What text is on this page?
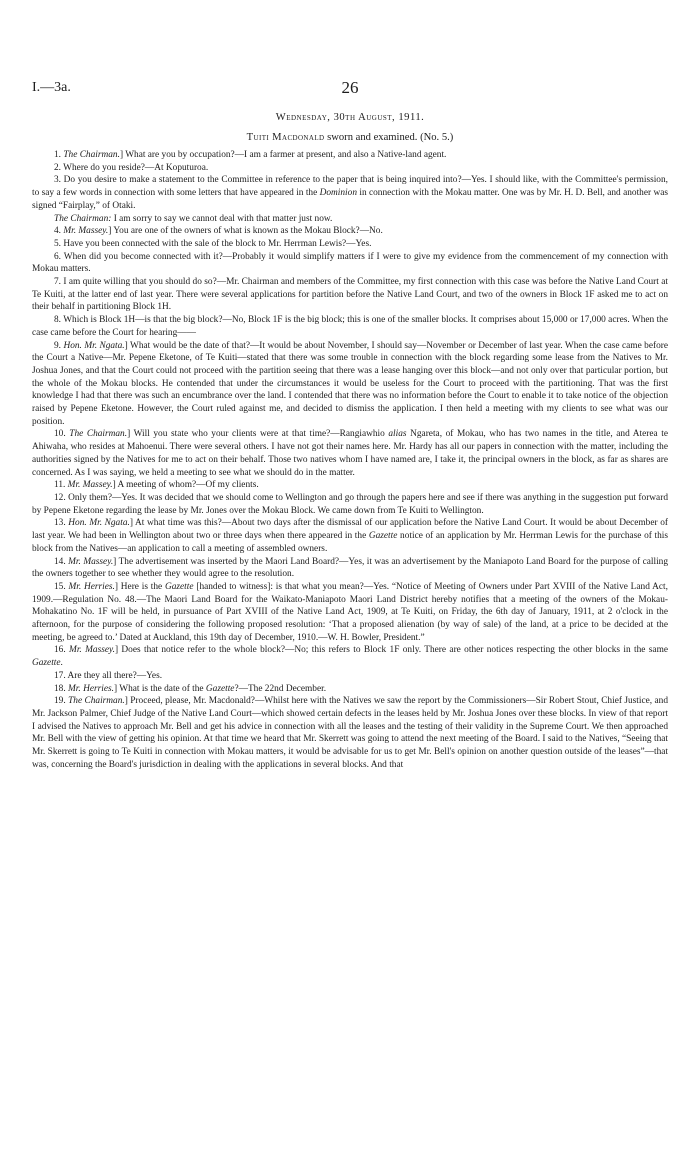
I.—3a.	26
Wednesday, 30th August, 1911.
Tuiti Macdonald sworn and examined. (No. 5.)

1. The Chairman.] What are you by occupation?—I am a farmer at present, and also a Native-land agent.

2. Where do you reside?—At Koputuroa.

3. Do you desire to make a statement to the Committee in reference to the paper that is being inquired into?—Yes. I should like, with the Committee's permission, to say a few words in connection with some letters that have appeared in the Dominion in connection with the Mokau matter. One was by Mr. H. D. Bell, and another was signed “Fairplay,” of Otaki.

The Chairman: I am sorry to say we cannot deal with that matter just now.

4. Mr. Massey.] You are one of the owners of what is known as the Mokau Block?—No.

5. Have you been connected with the sale of the block to Mr. Herrman Lewis?—Yes.

6. When did you become connected with it?—Probably it would simplify matters if I were to give my evidence from the commencement of my connection with Mokau matters.

7. I am quite willing that you should do so?—Mr. Chairman and members of the Committee, my first connection with this case was before the Native Land Court at Te Kuiti, at the latter end of last year. There were several applications for partition before the Native Land Court, and two of the owners in Block 1F asked me to act on their behalf in partitioning Block 1H.

8. Which is Block 1H—is that the big block?—No, Block 1F is the big block; this is one of the smaller blocks. It comprises about 15,000 or 17,000 acres. When the case came before the Court for hearing——

9. Hon. Mr. Ngata.] What would be the date of that?—It would be about November, I should say—November or December of last year. When the case came before the Court a Native—Mr. Pepene Eketone, of Te Kuiti—stated that there was some trouble in connection with the block regarding some lease from the Natives to Mr. Joshua Jones, and that the Court could not proceed with the partition seeing that there was a lease hanging over this block—and not only over that particular portion, but the whole of the Mokau blocks. He contended that under the circumstances it would be useless for the Court to proceed with the partitioning. That was the first knowledge I had that there was such an encumbrance over the land. I contended that there was no information before the Court to enable it to take notice of the objection raised by Pepene Eketone. However, the Court ruled against me, and decided to dismiss the application. I then held a meeting with my clients to see what was our position.

10. The Chairman.] Will you state who your clients were at that time?—Rangiawhio alias Ngareta, of Mokau, who has two names in the title, and Aterea te Ahiwaha, who resides at Mahoenui. There were several others. I have not got their names here. Mr. Hardy has all our papers in connection with the matter, including the authorities signed by the Natives for me to act on their behalf. Those two natives whom I have named are, I take it, the principal owners in the block, as far as shares are concerned. As I was saying, we held a meeting to see what we should do in the matter.

11. Mr. Massey.] A meeting of whom?—Of my clients.

12. Only them?—Yes. It was decided that we should come to Wellington and go through the papers here and see if there was anything in the suggestion put forward by Pepene Eketone regarding the lease by Mr. Jones over the Mokau Block. We came down from Te Kuiti to Wellington.

13. Hon. Mr. Ngata.] At what time was this?—About two days after the dismissal of our application before the Native Land Court. It would be about December of last year. We had been in Wellington about two or three days when there appeared in the Gazette notice of an application by Mr. Herrman Lewis for the purchase of this block from the Natives—an application to call a meeting of assembled owners.

14. Mr. Massey.] The advertisement was inserted by the Maori Land Board?—Yes, it was an advertisement by the Maniapoto Land Board for the purpose of calling the owners together to see whether they would agree to the resolution.

15. Mr. Herries.] Here is the Gazette [handed to witness]: is that what you mean?—Yes. “Notice of Meeting of Owners under Part XVIII of the Native Land Act, 1909.—Regulation No. 48.—The Maori Land Board for the Waikato-Maniapoto Maori Land District hereby notifies that a meeting of the owners of the Mokau-Mohakatino No. 1F will be held, in pursuance of Part XVIII of the Native Land Act, 1909, at Te Kuiti, on Friday, the 6th day of January, 1911, at 2 o'clock in the afternoon, for the purpose of considering the following proposed resolution: ‘That a proposed alienation (by way of sale) of the land, at a price to be decided at the meeting, be agreed to.’ Dated at Auckland, this 19th day of December, 1910.—W. H. Bowler, President.”

16. Mr. Massey.] Does that notice refer to the whole block?—No; this refers to Block 1F only. There are other notices respecting the other blocks in the same Gazette.

17. Are they all there?—Yes.

18. Mr. Herries.] What is the date of the Gazette?—The 22nd December.

19. The Chairman.] Proceed, please, Mr. Macdonald?—Whilst here with the Natives we saw the report by the Commissioners—Sir Robert Stout, Chief Justice, and Mr. Jackson Palmer, Chief Judge of the Native Land Court—which showed certain defects in the leases held by Mr. Joshua Jones over these blocks. In view of that report I advised the Natives to approach Mr. Bell and get his advice in connection with all the leases and the testing of their validity in the Supreme Court. We then approached Mr. Bell with the view of getting his opinion. At that time we heard that Mr. Skerrett was going to attend the next meeting of the Board. I said to the Natives, “Seeing that Mr. Skerrett is going to Te Kuiti in connection with Mokau matters, it would be advisable for us to get Mr. Bell's opinion on another question outside of the leases”—that was, concerning the Board's jurisdiction in dealing with the applications in several blocks. And that
